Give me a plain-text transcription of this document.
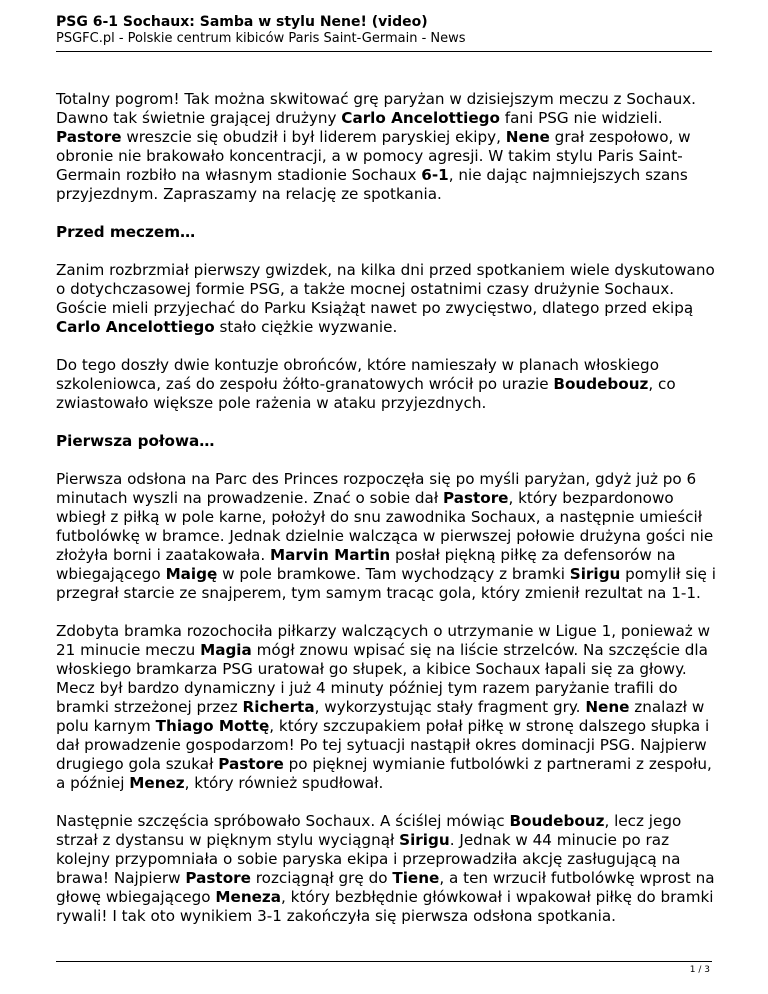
PSG 6-1 Sochaux: Samba w stylu Nene! (video)
PSGFC.pl - Polskie centrum kibiców Paris Saint-Germain - News

Totalny pogrom! Tak można skwitować grę paryżan w dzisiejszym meczu z Sochaux. Dawno tak świetnie grającej drużyny Carlo Ancelottiego fani PSG nie widzieli. Pastore wreszcie się obudził i był liderem paryskiej ekipy, Nene grał zespołowo, w obronie nie brakowało koncentracji, a w pomocy agresji. W takim stylu Paris Saint-Germain rozbiło na własnym stadionie Sochaux 6-1, nie dając najmniejszych szans przyjezdnym. Zapraszamy na relację ze spotkania.

Przed meczem…

Zanim rozbrzmiał pierwszy gwizdek, na kilka dni przed spotkaniem wiele dyskutowano o dotychczasowej formie PSG, a także mocnej ostatnimi czasy drużynie Sochaux. Goście mieli przyjechać do Parku Książąt nawet po zwycięstwo, dlatego przed ekipą Carlo Ancelottiego stało ciężkie wyzwanie.

Do tego doszły dwie kontuzje obrońców, które namieszały w planach włoskiego szkoleniowca, zaś do zespołu żółto-granatowych wrócił po urazie Boudebouz, co zwiastowało większe pole rażenia w ataku przyjezdnych.

Pierwsza połowa…

Pierwsza odsłona na Parc des Princes rozpoczęła się po myśli paryżan, gdyż już po 6 minutach wyszli na prowadzenie. Znać o sobie dał Pastore, który bezpardonowo wbiegł z piłką w pole karne, położył do snu zawodnika Sochaux, a następnie umieścił futbolówkę w bramce. Jednak dzielnie walcząca w pierwszej połowie drużyna gości nie złożyła borni i zaatakowała. Marvin Martin posłał piękną piłkę za defensorów na wbiegającego Maigę w pole bramkowe. Tam wychodzący z bramki Sirigu pomylił się i przegrał starcie ze snajperem, tym samym tracąc gola, który zmienił rezultat na 1-1.

Zdobyta bramka rozochociła piłkarzy walczących o utrzymanie w Ligue 1, ponieważ w 21 minucie meczu Magia mógł znowu wpisać się na liście strzelców. Na szczęście dla włoskiego bramkarza PSG uratował go słupek, a kibice Sochaux łapali się za głowy. Mecz był bardzo dynamiczny i już 4 minuty później tym razem paryżanie trafili do bramki strzeżonej przez Richerta, wykorzystując stały fragment gry. Nene znalazł w polu karnym Thiago Mottę, który szczupakiem połał piłkę w stronę dalszego słupka i dał prowadzenie gospodarzom! Po tej sytuacji nastąpił okres dominacji PSG. Najpierw drugiego gola szukał Pastore po pięknej wymianie futbolówki z partnerami z zespołu, a później Menez, który również spudłował.

Następnie szczęścia spróbowało Sochaux. A ściślej mówiąc Boudebouz, lecz jego strzał z dystansu w pięknym stylu wyciągnął Sirigu. Jednak w 44 minucie po raz kolejny przypomniała o sobie paryska ekipa i przeprowadziła akcję zasługującą na brawa! Najpierw Pastore rozciągnął grę do Tiene, a ten wrzucił futbolówkę wprost na głowę wbiegającego Meneza, który bezbłędnie główkował i wpakował piłkę do bramki rywali! I tak oto wynikiem 3-1 zakończyła się pierwsza odsłona spotkania.

1 / 3
